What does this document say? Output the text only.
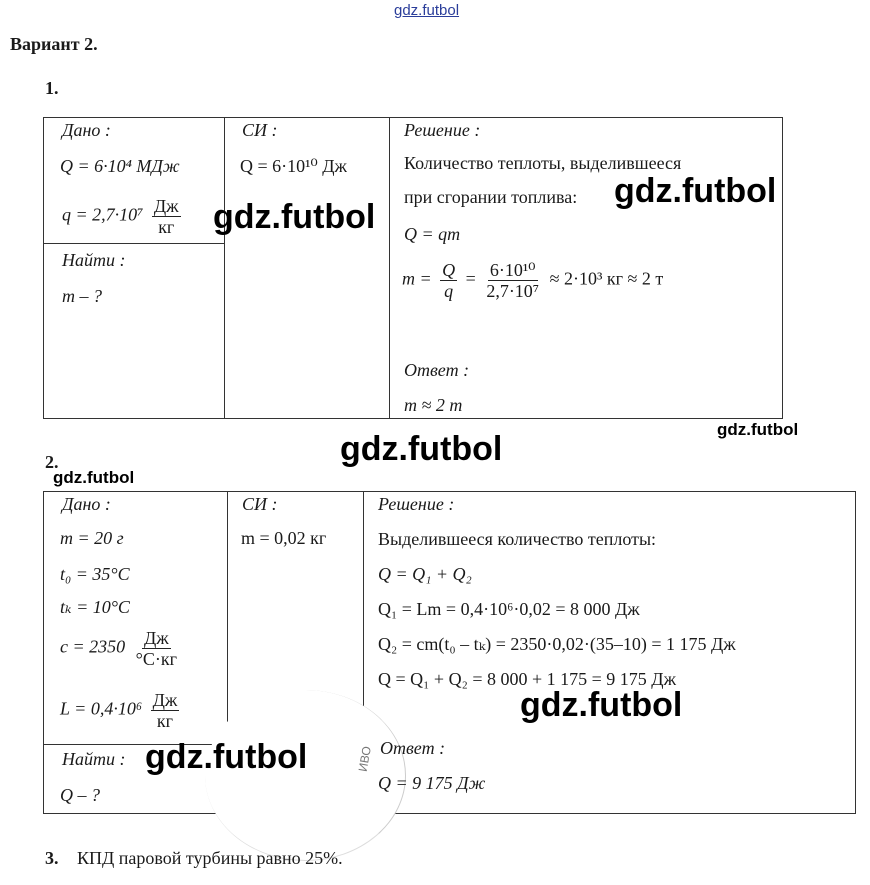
gdz.futbol
Вариант 2.
1.
Дано :
Q = 6·10⁴ МДж
$q = 2,7\cdot 10^7 \frac{Дж}{кг}$
Найти :
m – ?
СИ :
Q = 6·10¹⁰ Дж
Решение :
Количество теплоты, выделившееся
при сгорании топлива:
Q = qm
$m = \frac{Q}{q} = \frac{\text{6·10¹⁰}}{\text{2,7·10⁷}} \approx 2\cdot 10^3$ кг ≈ 2 т
Ответ :
m ≈ 2 т
2.
Дано :
m = 20 г
t₀ = 35°C
tₖ = 10°C
$c = 2350 \frac{Дж}{^\circ C\cdot кг}$
$L = 0,4\cdot 10^6 \frac{Дж}{кг}$
Найти :
Q – ?
СИ :
m = 0,02 кг
Решение :
Выделившееся количество теплоты:
Q = Q₁ + Q₂
Q₁ = Lm = 0,4·10⁶·0,02 = 8 000 Дж
Q₂ = cm(t₀ – tₖ) = 2350·0,02·(35–10) = 1 175 Дж
Q = Q₁ + Q₂ = 8 000 + 1 175 = 9 175 Дж
ИВО Ответ :
Q = 9 175 Дж
3. КПД паровой турбины равно 25%.
gdz.futbol
gdz.futbol
gdz.futbol
gdz.futbol
gdz.futbol
gdz.futbol
gdz.futbol
